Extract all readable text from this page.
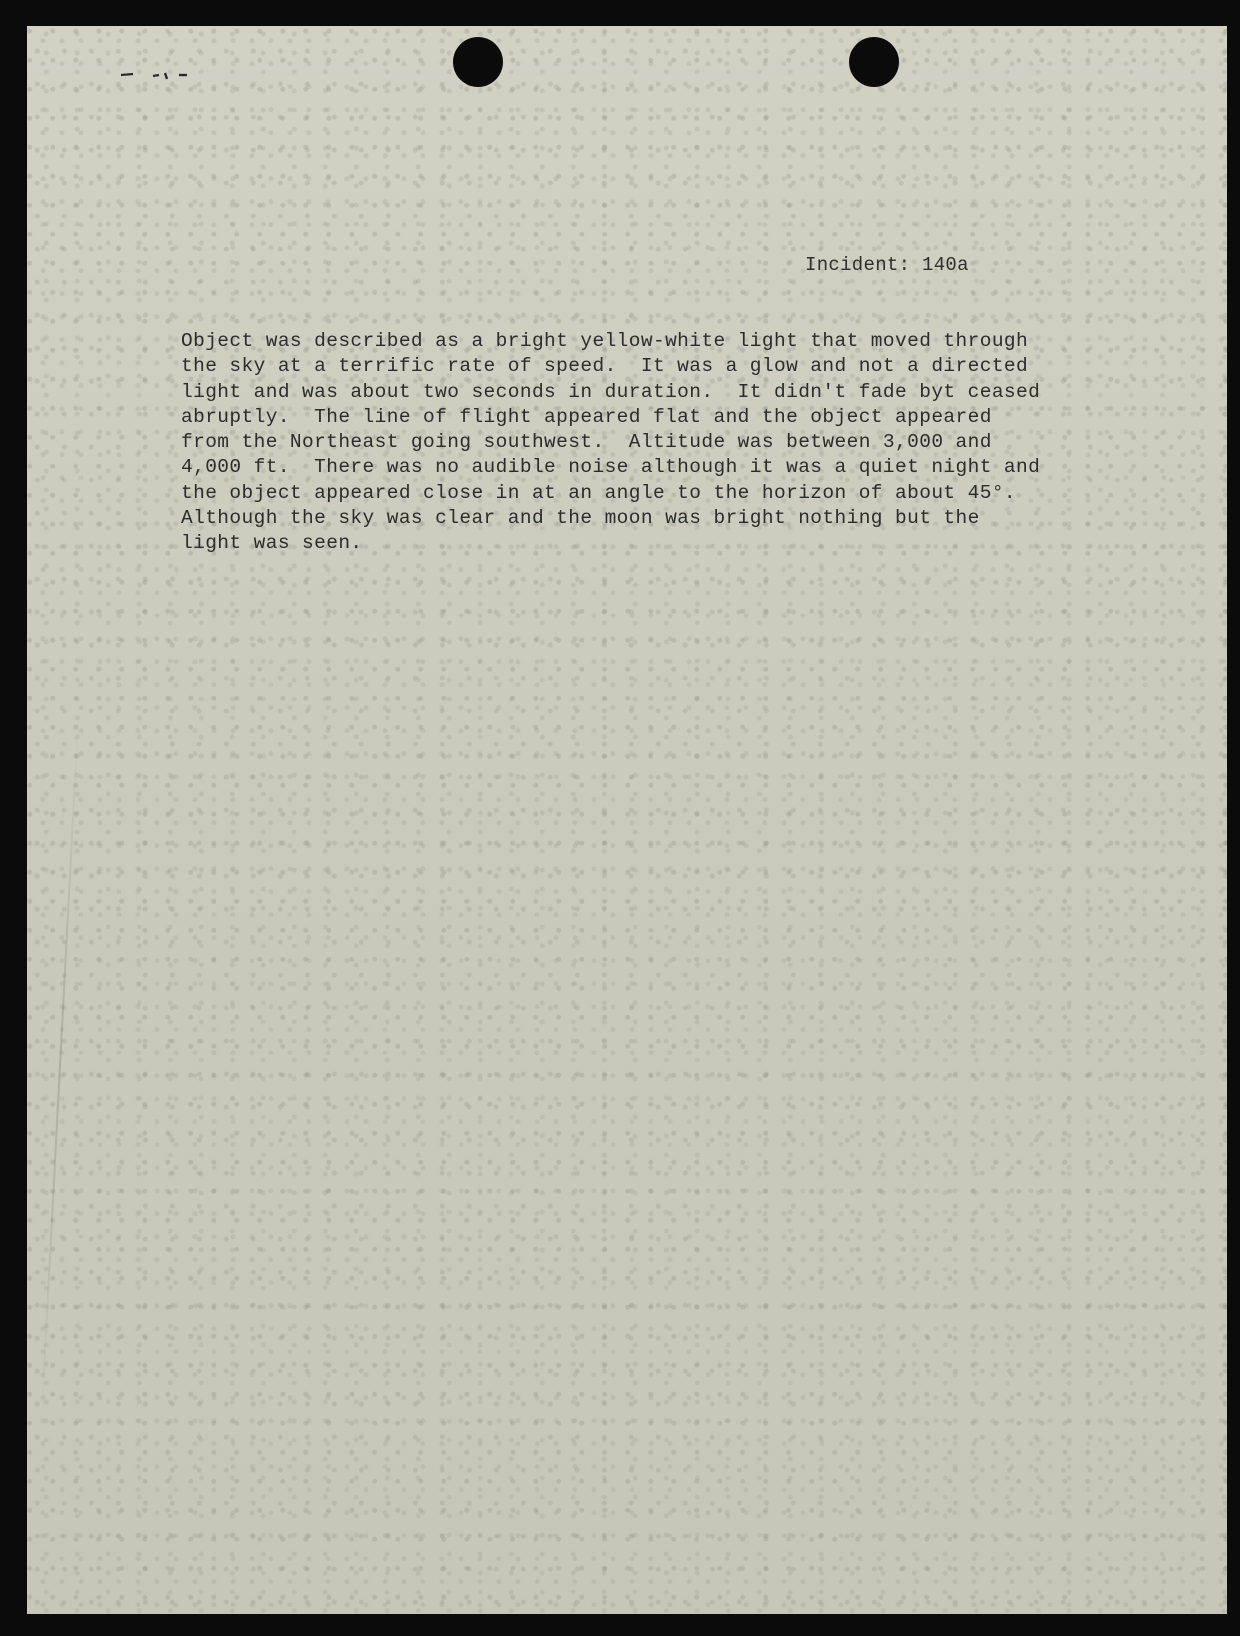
Incident: 140a
Object was described as a bright yellow-white light that moved through
the sky at a terrific rate of speed.  It was a glow and not a directed
light and was about two seconds in duration.  It didn't fade byt ceased
abruptly.  The line of flight appeared flat and the object appeared
from the Northeast going southwest.  Altitude was between 3,000 and
4,000 ft.  There was no audible noise although it was a quiet night and
the object appeared close in at an angle to the horizon of about 45°.
Although the sky was clear and the moon was bright nothing but the
light was seen.
